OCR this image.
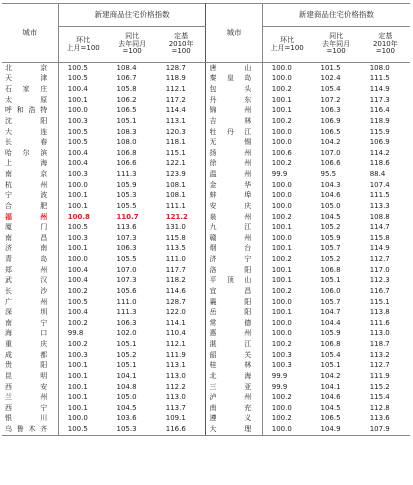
城市	新建商品住宅价格指数			城市	新建商品住宅价格指数		

	环比
上月=100	同比
去年同月
=100	定基
2010年
=100		环比
上月=100	同比
去年同月
=100	定基
2010年
=100

北京	100.5	108.4	128.7	唐山	100.0	101.5	108.0
天津	100.5	106.7	118.9	秦皇岛	100.0	102.4	111.5
石家庄	100.4	105.8	112.1	包头	100.2	105.4	114.9
太原	100.1	106.2	117.2	丹东	100.1	107.2	117.3
呼和浩特	100.0	106.5	114.4	锦州	100.1	106.3	116.4
沈阳	100.3	105.1	113.1	吉林	100.2	106.9	118.9
大连	100.5	108.3	120.3	牡丹江	100.0	106.5	115.9
长春	100.5	108.0	118.1	无锡	100.0	104.2	106.9
哈尔滨	100.4	106.8	115.1	扬州	100.6	107.0	114.2
上海	100.4	106.6	122.1	徐州	100.2	106.6	118.6
南京	100.3	111.3	123.9	温州	99.9	95.5	88.4
杭州	100.0	105.9	108.1	金华	100.0	104.3	107.4
宁波	100.1	105.3	108.1	蚌埠	100.0	104.6	111.5
合肥	100.1	105.5	111.1	安庆	100.0	105.0	113.3
福州	100.8	110.7	121.2	泉州	100.2	104.5	108.8
厦门	100.5	113.6	131.0	九江	100.1	105.2	114.7
南昌	100.3	107.3	115.8	赣州	100.0	105.9	115.8
济南	100.1	106.3	113.5	烟台	100.1	105.7	114.9
青岛	100.0	105.5	111.0	济宁	100.2	105.2	112.7
郑州	100.4	107.0	117.7	洛阳	100.1	106.8	117.0
武汉	100.4	107.3	118.2	平顶山	100.1	105.1	112.3
长沙	100.2	105.6	114.6	宜昌	100.2	106.0	116.7
广州	100.5	111.0	128.7	襄阳	100.0	105.7	115.1
深圳	100.4	111.3	122.0	岳阳	100.1	104.7	113.8
南宁	100.2	106.3	114.1	常德	100.0	104.4	111.6
海口	99.8	102.0	110.4	惠州	100.0	105.9	113.0
重庆	100.2	105.1	112.1	湛江	100.2	106.8	118.7
成都	100.3	105.2	111.9	韶关	100.3	105.4	113.2
贵阳	100.1	105.1	113.1	桂林	100.3	105.1	112.7
昆明	100.1	104.1	113.0	北海	99.9	104.2	111.9
西安	100.1	104.8	112.2	三亚	99.9	104.1	115.2
兰州	100.1	105.0	113.0	泸州	100.2	104.6	115.4
西宁	100.1	104.5	113.7	南充	100.0	104.5	112.8
银川	100.0	103.6	109.1	遵义	100.2	106.5	113.6
乌鲁木齐	100.5	105.3	116.6	大理	100.0	104.9	107.9
